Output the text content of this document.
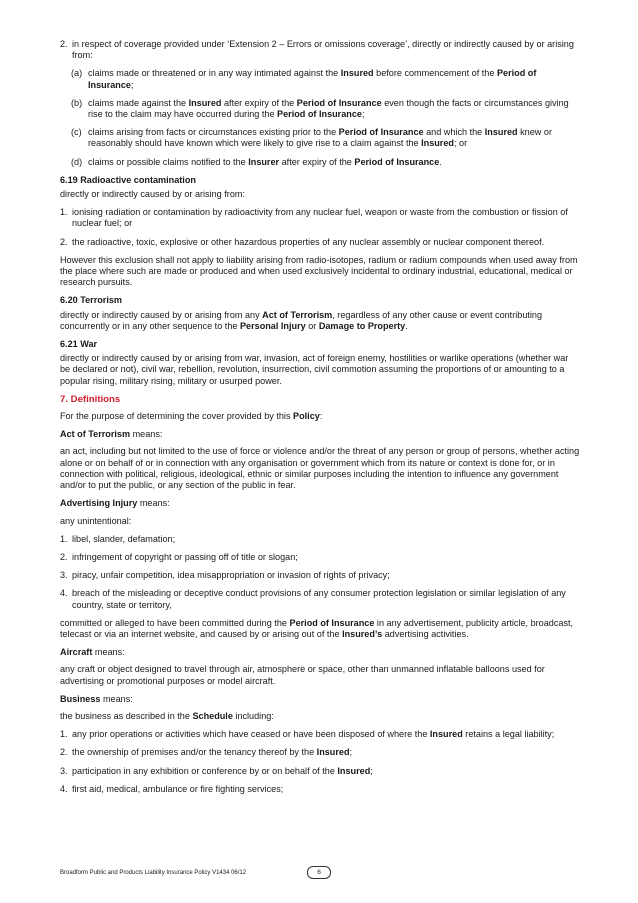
2. in respect of coverage provided under ‘Extension 2 – Errors or omissions coverage’, directly or indirectly caused by or arising from:
(a) claims made or threatened or in any way intimated against the Insured before commencement of the Period of Insurance;
(b) claims made against the Insured after expiry of the Period of Insurance even though the facts or circumstances giving rise to the claim may have occurred during the Period of Insurance;
(c) claims arising from facts or circumstances existing prior to the Period of Insurance and which the Insured knew or reasonably should have known which were likely to give rise to a claim against the Insured; or
(d) claims or possible claims notified to the Insurer after expiry of the Period of Insurance.
6.19 Radioactive contamination
directly or indirectly caused by or arising from:
1. ionising radiation or contamination by radioactivity from any nuclear fuel, weapon or waste from the combustion or fission of nuclear fuel; or
2. the radioactive, toxic, explosive or other hazardous properties of any nuclear assembly or nuclear component thereof.
However this exclusion shall not apply to liability arising from radio-isotopes, radium or radium compounds when used away from the place where such are made or produced and when used exclusively incidental to ordinary industrial, educational, medical or research pursuits.
6.20 Terrorism
directly or indirectly caused by or arising from any Act of Terrorism, regardless of any other cause or event contributing concurrently or in any other sequence to the Personal Injury or Damage to Property.
6.21 War
directly or indirectly caused by or arising from war, invasion, act of foreign enemy, hostilities or warlike operations (whether war be declared or not), civil war, rebellion, revolution, insurrection, civil commotion assuming the proportions of or amounting to a popular rising, military rising, military or usurped power.
7. Definitions
For the purpose of determining the cover provided by this Policy:
Act of Terrorism means:
an act, including but not limited to the use of force or violence and/or the threat of any person or group of persons, whether acting alone or on behalf of or in connection with any organisation or government which from its nature or context is done for, or in connection with political, religious, ideological, ethnic or similar purposes including the intention to influence any government and/or to put the public, or any section of the public in fear.
Advertising Injury means:
any unintentional:
1. libel, slander, defamation;
2. infringement of copyright or passing off of title or slogan;
3. piracy, unfair competition, idea misappropriation or invasion of rights of privacy;
4. breach of the misleading or deceptive conduct provisions of any consumer protection legislation or similar legislation of any country, state or territory,
committed or alleged to have been committed during the Period of Insurance in any advertisement, publicity article, broadcast, telecast or via an internet website, and caused by or arising out of the Insured’s advertising activities.
Aircraft means:
any craft or object designed to travel through air, atmosphere or space, other than unmanned inflatable balloons used for advertising or promotional purposes or model aircraft.
Business means:
the business as described in the Schedule including:
1. any prior operations or activities which have ceased or have been disposed of where the Insured retains a legal liability;
2. the ownership of premises and/or the tenancy thereof by the Insured;
3. participation in any exhibition or conference by or on behalf of the Insured;
4. first aid, medical, ambulance or fire fighting services;
Broadform Public and Products Liability Insurance Policy V1434 06/12	6
